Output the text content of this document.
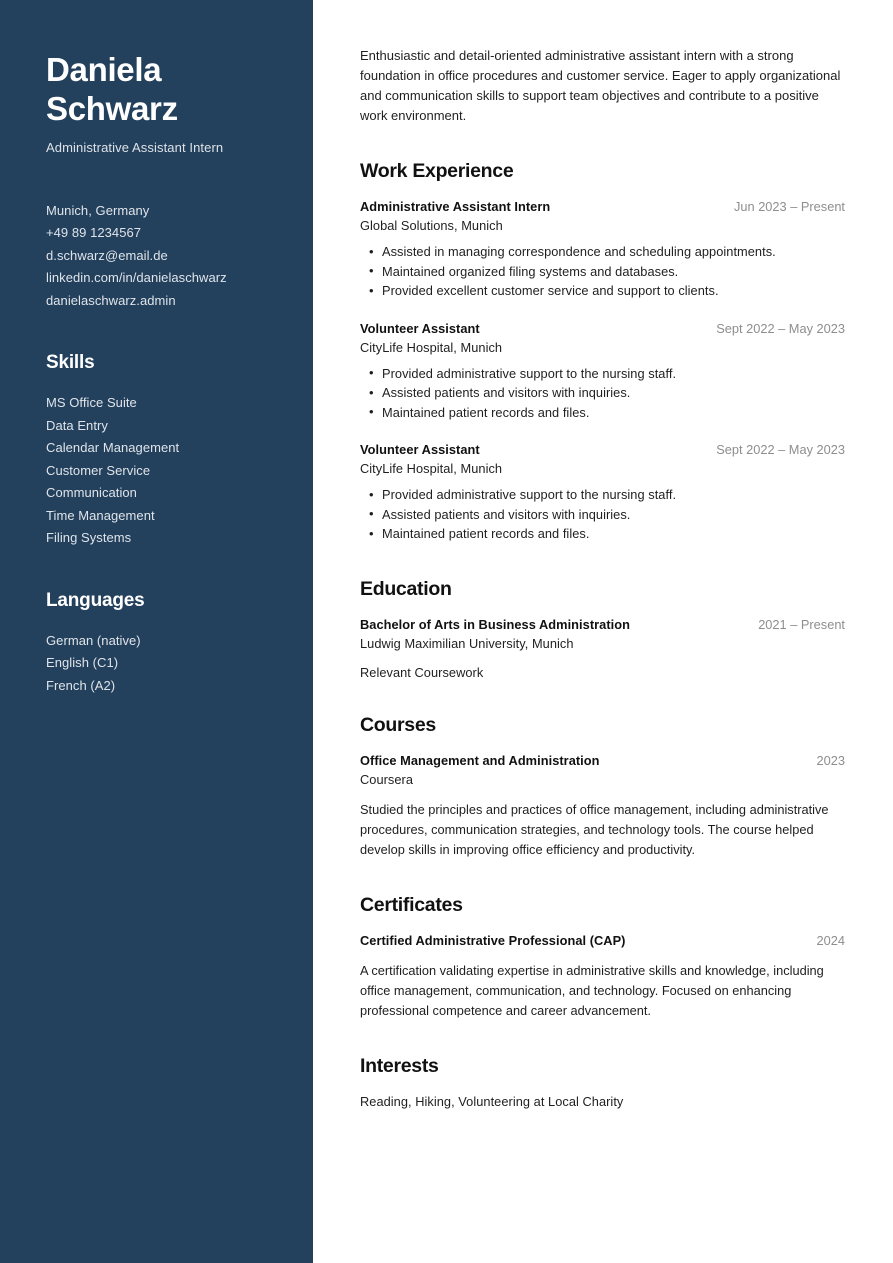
Daniela
Schwarz
Administrative Assistant Intern
Munich, Germany
+49 89 1234567
d.schwarz@email.de
linkedin.com/in/danielaschwarz
danielaschwarz.admin
Skills
MS Office Suite
Data Entry
Calendar Management
Customer Service
Communication
Time Management
Filing Systems
Languages
German (native)
English (C1)
French (A2)

Enthusiastic and detail-oriented administrative assistant intern with a strong foundation in office procedures and customer service. Eager to apply organizational and communication skills to support team objectives and contribute to a positive work environment.

Work Experience
Administrative Assistant Intern	Jun 2023 – Present
Global Solutions, Munich
• Assisted in managing correspondence and scheduling appointments.
• Maintained organized filing systems and databases.
• Provided excellent customer service and support to clients.
Volunteer Assistant	Sept 2022 – May 2023
CityLife Hospital, Munich
• Provided administrative support to the nursing staff.
• Assisted patients and visitors with inquiries.
• Maintained patient records and files.
Volunteer Assistant	Sept 2022 – May 2023
CityLife Hospital, Munich
• Provided administrative support to the nursing staff.
• Assisted patients and visitors with inquiries.
• Maintained patient records and files.
Education
Bachelor of Arts in Business Administration	2021 – Present
Ludwig Maximilian University, Munich
Relevant Coursework
Courses
Office Management and Administration	2023
Coursera

Studied the principles and practices of office management, including administrative procedures, communication strategies, and technology tools. The course helped develop skills in improving office efficiency and productivity.

Certificates
Certified Administrative Professional (CAP)	2024

A certification validating expertise in administrative skills and knowledge, including office management, communication, and technology. Focused on enhancing professional competence and career advancement.

Interests

Reading, Hiking, Volunteering at Local Charity
